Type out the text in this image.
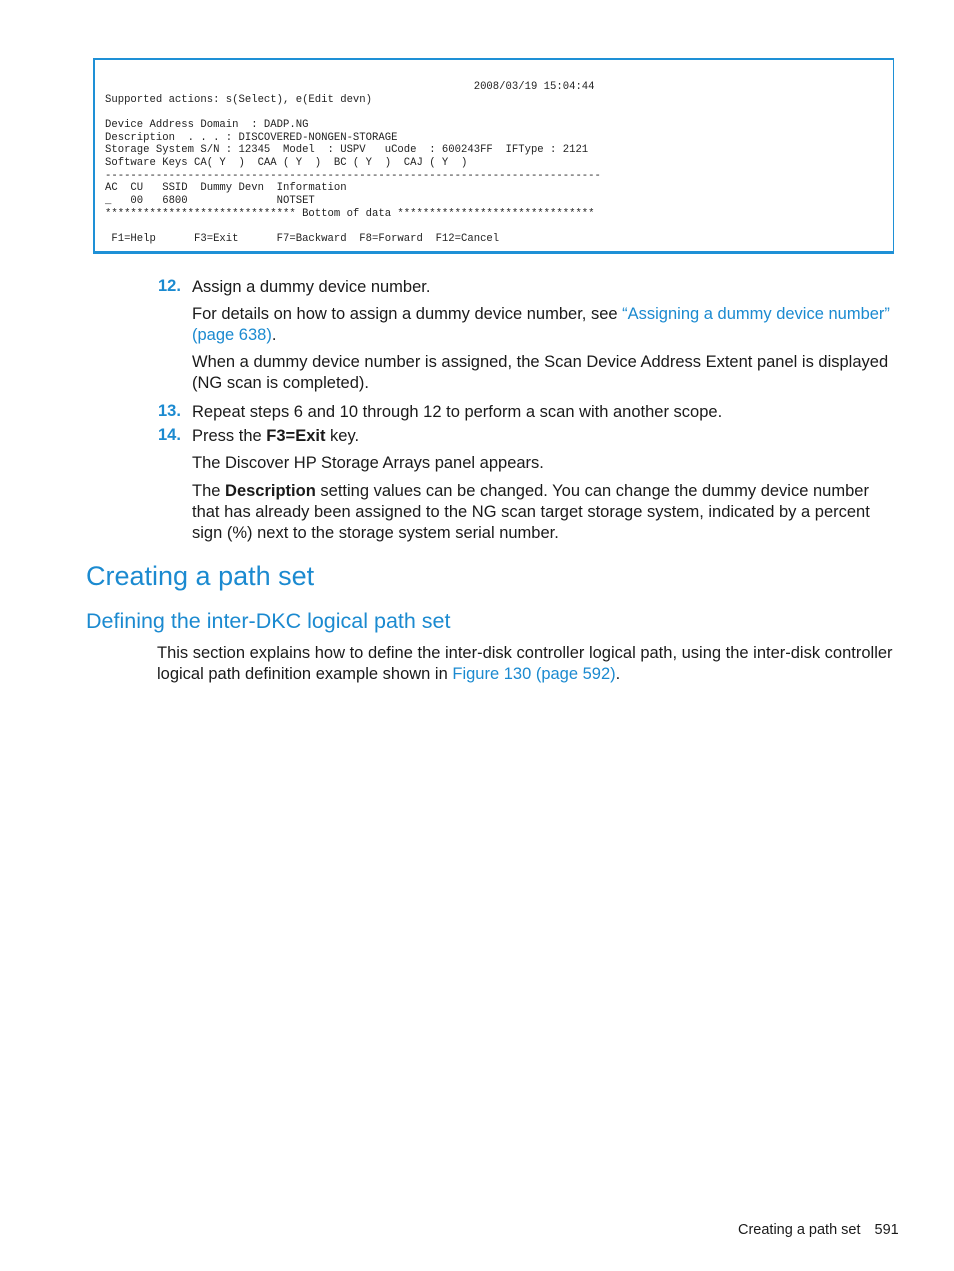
2008/03/19 15:04:44
Supported actions: s(Select), e(Edit devn)

Device Address Domain  : DADP.NG
Description  . . . : DISCOVERED-NONGEN-STORAGE
Storage System S/N : 12345  Model  : USPV   uCode  : 600243FF  IFType : 2121
Software Keys CA( Y  )  CAA ( Y  )  BC ( Y  )  CAJ ( Y  )
------------------------------------------------------------------------------
AC  CU   SSID  Dummy Devn  Information
_   00   6800              NOTSET
****************************** Bottom of data *******************************

F1=Help      F3=Exit      F7=Backward  F8=Forward  F12=Cancel
12. Assign a dummy device number.
For details on how to assign a dummy device number, see “Assigning a dummy device number” (page 638).
When a dummy device number is assigned, the Scan Device Address Extent panel is displayed (NG scan is completed).
13. Repeat steps 6 and 10 through 12 to perform a scan with another scope.
14. Press the F3=Exit key.
The Discover HP Storage Arrays panel appears.
The Description setting values can be changed. You can change the dummy device number that has already been assigned to the NG scan target storage system, indicated by a percent sign (%) next to the storage system serial number.
Creating a path set
Defining the inter-DKC logical path set
This section explains how to define the inter-disk controller logical path, using the inter-disk controller logical path definition example shown in Figure 130 (page 592).
Creating a path set 591
